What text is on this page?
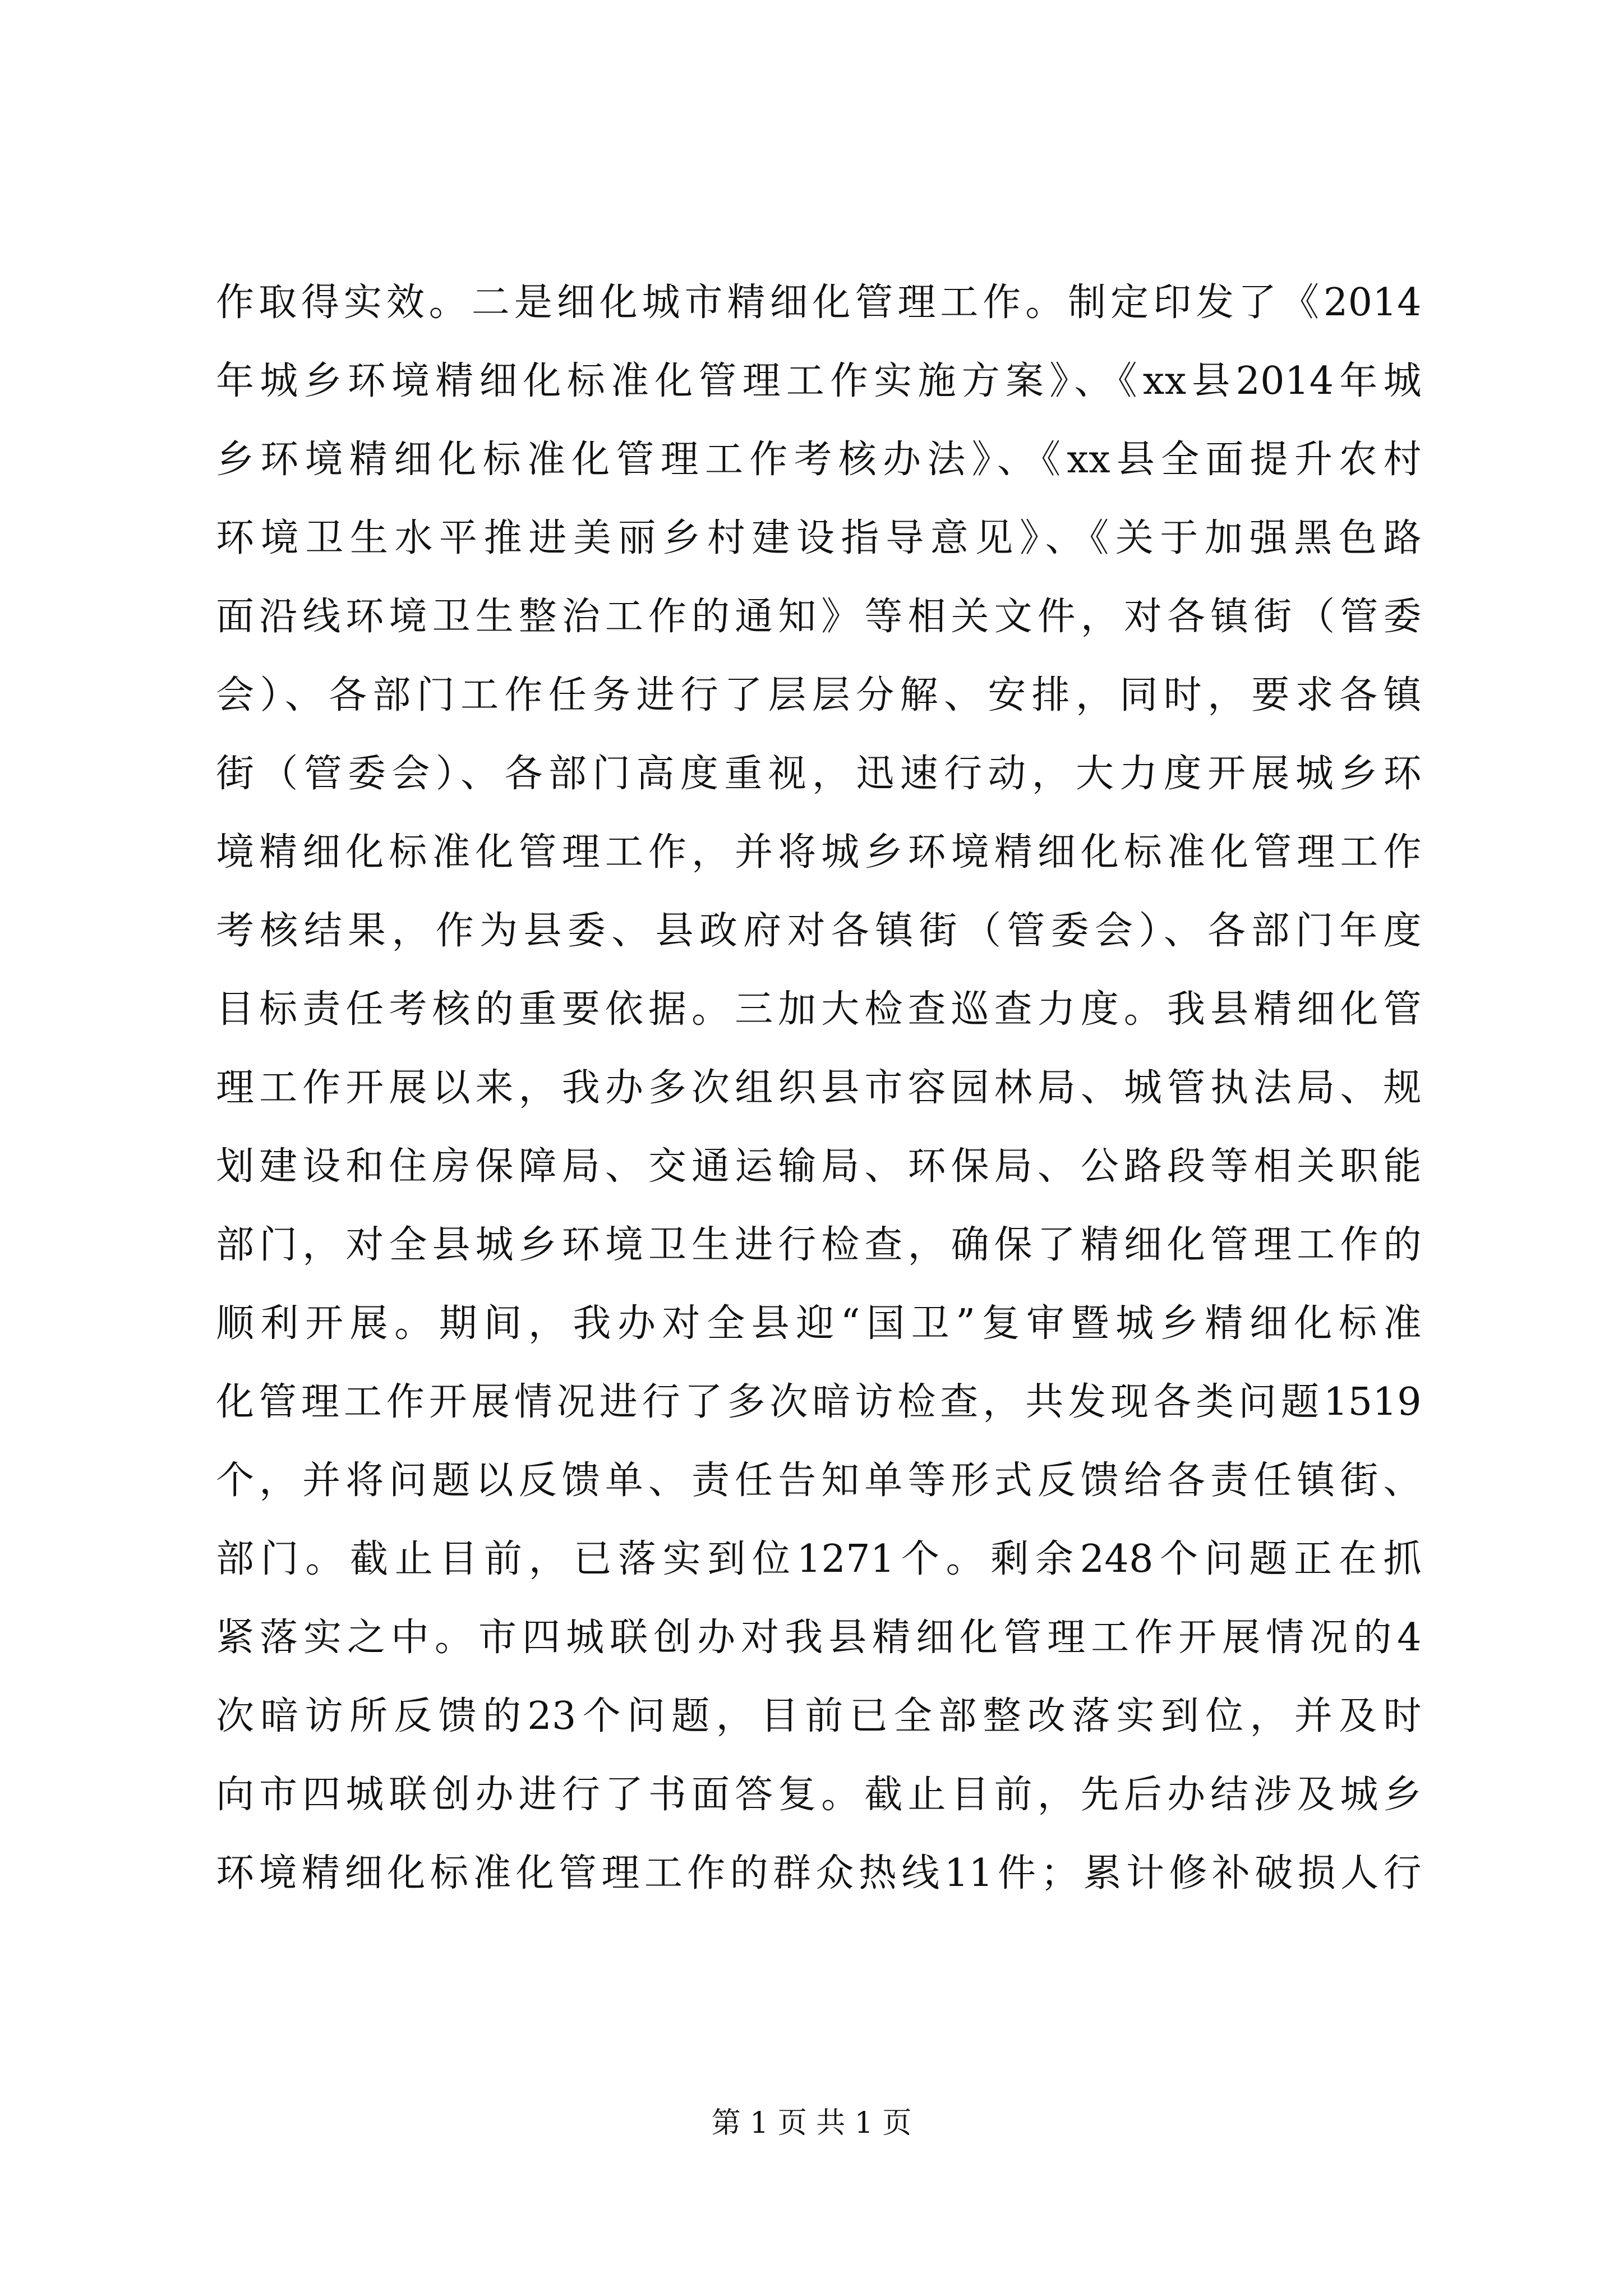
作取得实效。二是细化城市精细化管理工作。制定印发了《2014
年城乡环境精细化标准化管理工作实施方案》、《xx县2014年城
乡环境精细化标准化管理工作考核办法》、《xx县全面提升农村
环境卫生水平推进美丽乡村建设指导意见》、《关于加强黑色路
面沿线环境卫生整治工作的通知》等相关文件，对各镇街（管委
会）、各部门工作任务进行了层层分解、安排，同时，要求各镇
街（管委会）、各部门高度重视，迅速行动，大力度开展城乡环
境精细化标准化管理工作，并将城乡环境精细化标准化管理工作
考核结果，作为县委、县政府对各镇街（管委会）、各部门年度
目标责任考核的重要依据。三加大检查巡查力度。我县精细化管
理工作开展以来，我办多次组织县市容园林局、城管执法局、规
划建设和住房保障局、交通运输局、环保局、公路段等相关职能
部门，对全县城乡环境卫生进行检查，确保了精细化管理工作的
顺利开展。期间，我办对全县迎“国卫”复审暨城乡精细化标准
化管理工作开展情况进行了多次暗访检查，共发现各类问题1519
个，并将问题以反馈单、责任告知单等形式反馈给各责任镇街、
部门。截止目前，已落实到位1271个。剩余248个问题正在抓
紧落实之中。市四城联创办对我县精细化管理工作开展情况的4
次暗访所反馈的23个问题，目前已全部整改落实到位，并及时
向市四城联创办进行了书面答复。截止目前，先后办结涉及城乡
环境精细化标准化管理工作的群众热线11件；累计修补破损人行
第 1 页 共 1 页
